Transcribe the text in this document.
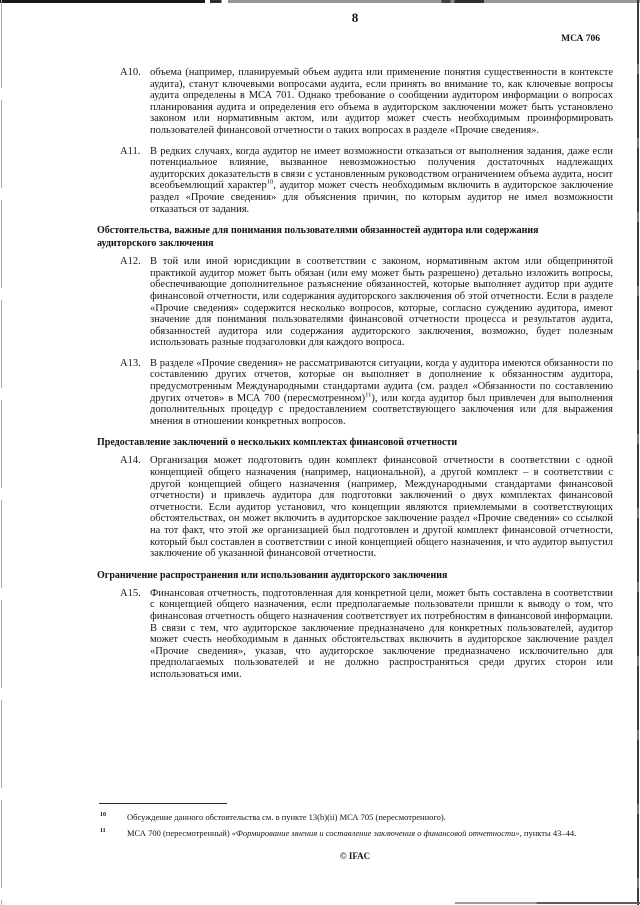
8
МСА 706
А10. объема (например, планируемый объем аудита или применение понятия существенности в контексте аудита), станут ключевыми вопросами аудита, если принять во внимание то, как ключевые вопросы аудита определены в МСА 701. Однако требование о сообщении аудитором информации о вопросах планирования аудита и определения его объема в аудиторском заключении может быть установлено законом или нормативным актом, или аудитор может счесть необходимым проинформировать пользователей финансовой отчетности о таких вопросах в разделе «Прочие сведения».
А11. В редких случаях, когда аудитор не имеет возможности отказаться от выполнения задания, даже если потенциальное влияние, вызванное невозможностью получения достаточных надлежащих аудиторских доказательств в связи с установленным руководством ограничением объема аудита, носит всеобъемлющий характер$^{10}$, аудитор может счесть необходимым включить в аудиторское заключение раздел «Прочие сведения» для объяснения причин, по которым аудитор не имел возможности отказаться от задания.
Обстоятельства, важные для понимания пользователями обязанностей аудитора или содержания аудиторского заключения
А12. В той или иной юрисдикции в соответствии с законом, нормативным актом или общепринятой практикой аудитор может быть обязан (или ему может быть разрешено) детально изложить вопросы, обеспечивающие дополнительное разъяснение обязанностей, которые выполняет аудитор при аудите финансовой отчетности, или содержания аудиторского заключения об этой отчетности. Если в разделе «Прочие сведения» содержится несколько вопросов, которые, согласно суждению аудитора, имеют значение для понимания пользователями финансовой отчетности процесса и результатов аудита, обязанностей аудитора или содержания аудиторского заключения, возможно, будет полезным использовать разные подзаголовки для каждого вопроса.
А13. В разделе «Прочие сведения» не рассматриваются ситуации, когда у аудитора имеются обязанности по составлению других отчетов, которые он выполняет в дополнение к обязанностям аудитора, предусмотренным Международными стандартами аудита (см. раздел «Обязанности по составлению других отчетов» в МСА 700 (пересмотренном)$^{11}$), или когда аудитор был привлечен для выполнения дополнительных процедур с предоставлением соответствующего заключения или для выражения мнения в отношении конкретных вопросов.
Предоставление заключений о нескольких комплектах финансовой отчетности
А14. Организация может подготовить один комплект финансовой отчетности в соответствии с одной концепцией общего назначения (например, национальной), а другой комплект – в соответствии с другой концепцией общего назначения (например, Международными стандартами финансовой отчетности) и привлечь аудитора для подготовки заключений о двух комплектах финансовой отчетности. Если аудитор установил, что концепции являются приемлемыми в соответствующих обстоятельствах, он может включить в аудиторское заключение раздел «Прочие сведения» со ссылкой на тот факт, что этой же организацией был подготовлен и другой комплект финансовой отчетности, который был составлен в соответствии с иной концепцией общего назначения, и что аудитор выпустил заключение об указанной финансовой отчетности.
Ограничение распространения или использования аудиторского заключения
А15. Финансовая отчетность, подготовленная для конкретной цели, может быть составлена в соответствии с концепцией общего назначения, если предполагаемые пользователи пришли к выводу о том, что финансовая отчетность общего назначения соответствует их потребностям в финансовой информации. В связи с тем, что аудиторское заключение предназначено для конкретных пользователей, аудитор может счесть необходимым в данных обстоятельствах включить в аудиторское заключение раздел «Прочие сведения», указав, что аудиторское заключение предназначено исключительно для предполагаемых пользователей и не должно распространяться среди других сторон или использоваться ими.
10	Обсуждение данного обстоятельства см. в пункте 13(b)(ii) МСА 705 (пересмотренного).
11	МСА 700 (пересмотренный) «Формирование мнения и составление заключения о финансовой отчетности», пункты 43–44.
© IFAC
